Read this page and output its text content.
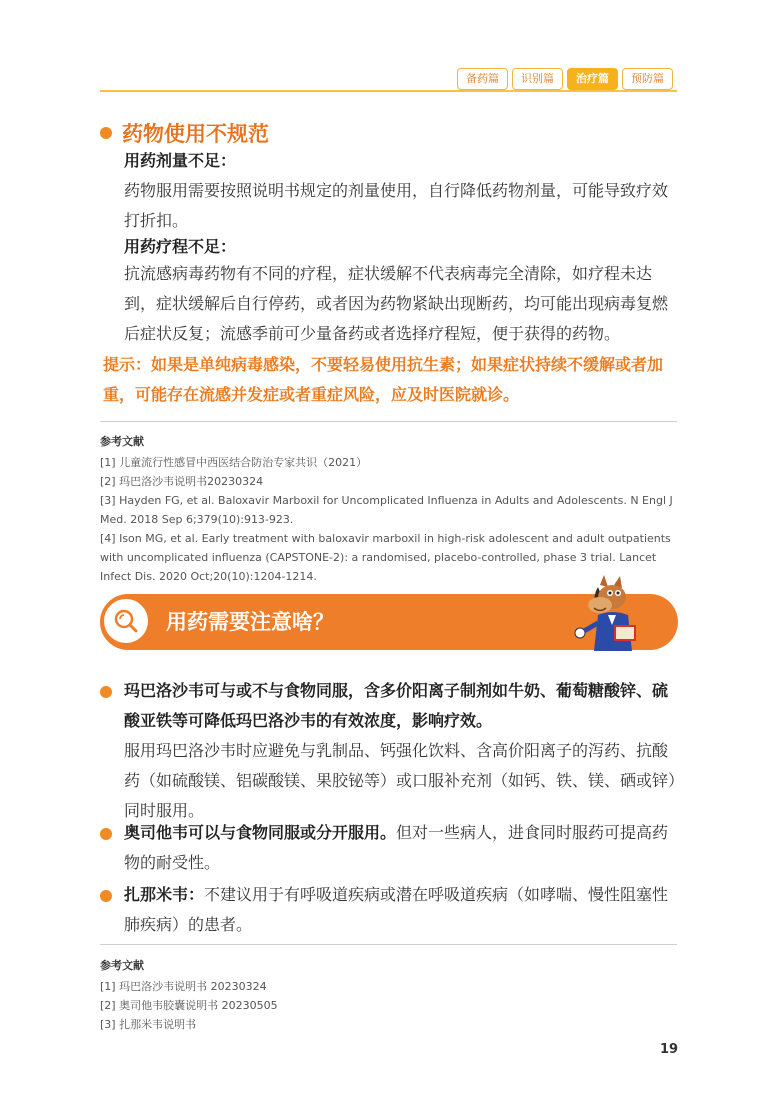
备药篇	识别篇	治疗篇	预防篇
药物使用不规范
用药剂量不足：
药物服用需要按照说明书规定的剂量使用，自行降低药物剂量，可能导致疗效打折扣。
用药疗程不足：
抗流感病毒药物有不同的疗程，症状缓解不代表病毒完全清除，如疗程未达到，症状缓解后自行停药，或者因为药物紧缺出现断药，均可能出现病毒复燃后症状反复；流感季前可少量备药或者选择疗程短，便于获得的药物。
提示：如果是单纯病毒感染，不要轻易使用抗生素；如果症状持续不缓解或者加重，可能存在流感并发症或者重症风险，应及时医院就诊。
参考文献

[1] 儿童流行性感冒中西医结合防治专家共识（2021）

[2] 玛巴洛沙韦说明书20230324

[3] Hayden FG, et al. Baloxavir Marboxil for Uncomplicated Influenza in Adults and Adolescents. N Engl J Med. 2018 Sep 6;379(10):913-923.

[4] Ison MG, et al. Early treatment with baloxavir marboxil in high-risk adolescent and adult outpatients with uncomplicated influenza (CAPSTONE-2): a randomised, placebo-controlled, phase 3 trial. Lancet Infect Dis. 2020 Oct;20(10):1204-1214.

用药需要注意啥？
玛巴洛沙韦可与或不与食物同服，含多价阳离子制剂如牛奶、葡萄糖酸锌、硫酸亚铁等可降低玛巴洛沙韦的有效浓度，影响疗效。
服用玛巴洛沙韦时应避免与乳制品、钙强化饮料、含高价阳离子的泻药、抗酸药（如硫酸镁、铝碳酸镁、果胶铋等）或口服补充剂（如钙、铁、镁、硒或锌）同时服用。
奥司他韦可以与食物同服或分开服用。但对一些病人，进食同时服药可提高药物的耐受性。
扎那米韦：不建议用于有呼吸道疾病或潜在呼吸道疾病（如哮喘、慢性阻塞性肺疾病）的患者。
参考文献

[1] 玛巴洛沙韦说明书 20230324

[2] 奥司他韦胶囊说明书 20230505

[3] 扎那米韦说明书

19
